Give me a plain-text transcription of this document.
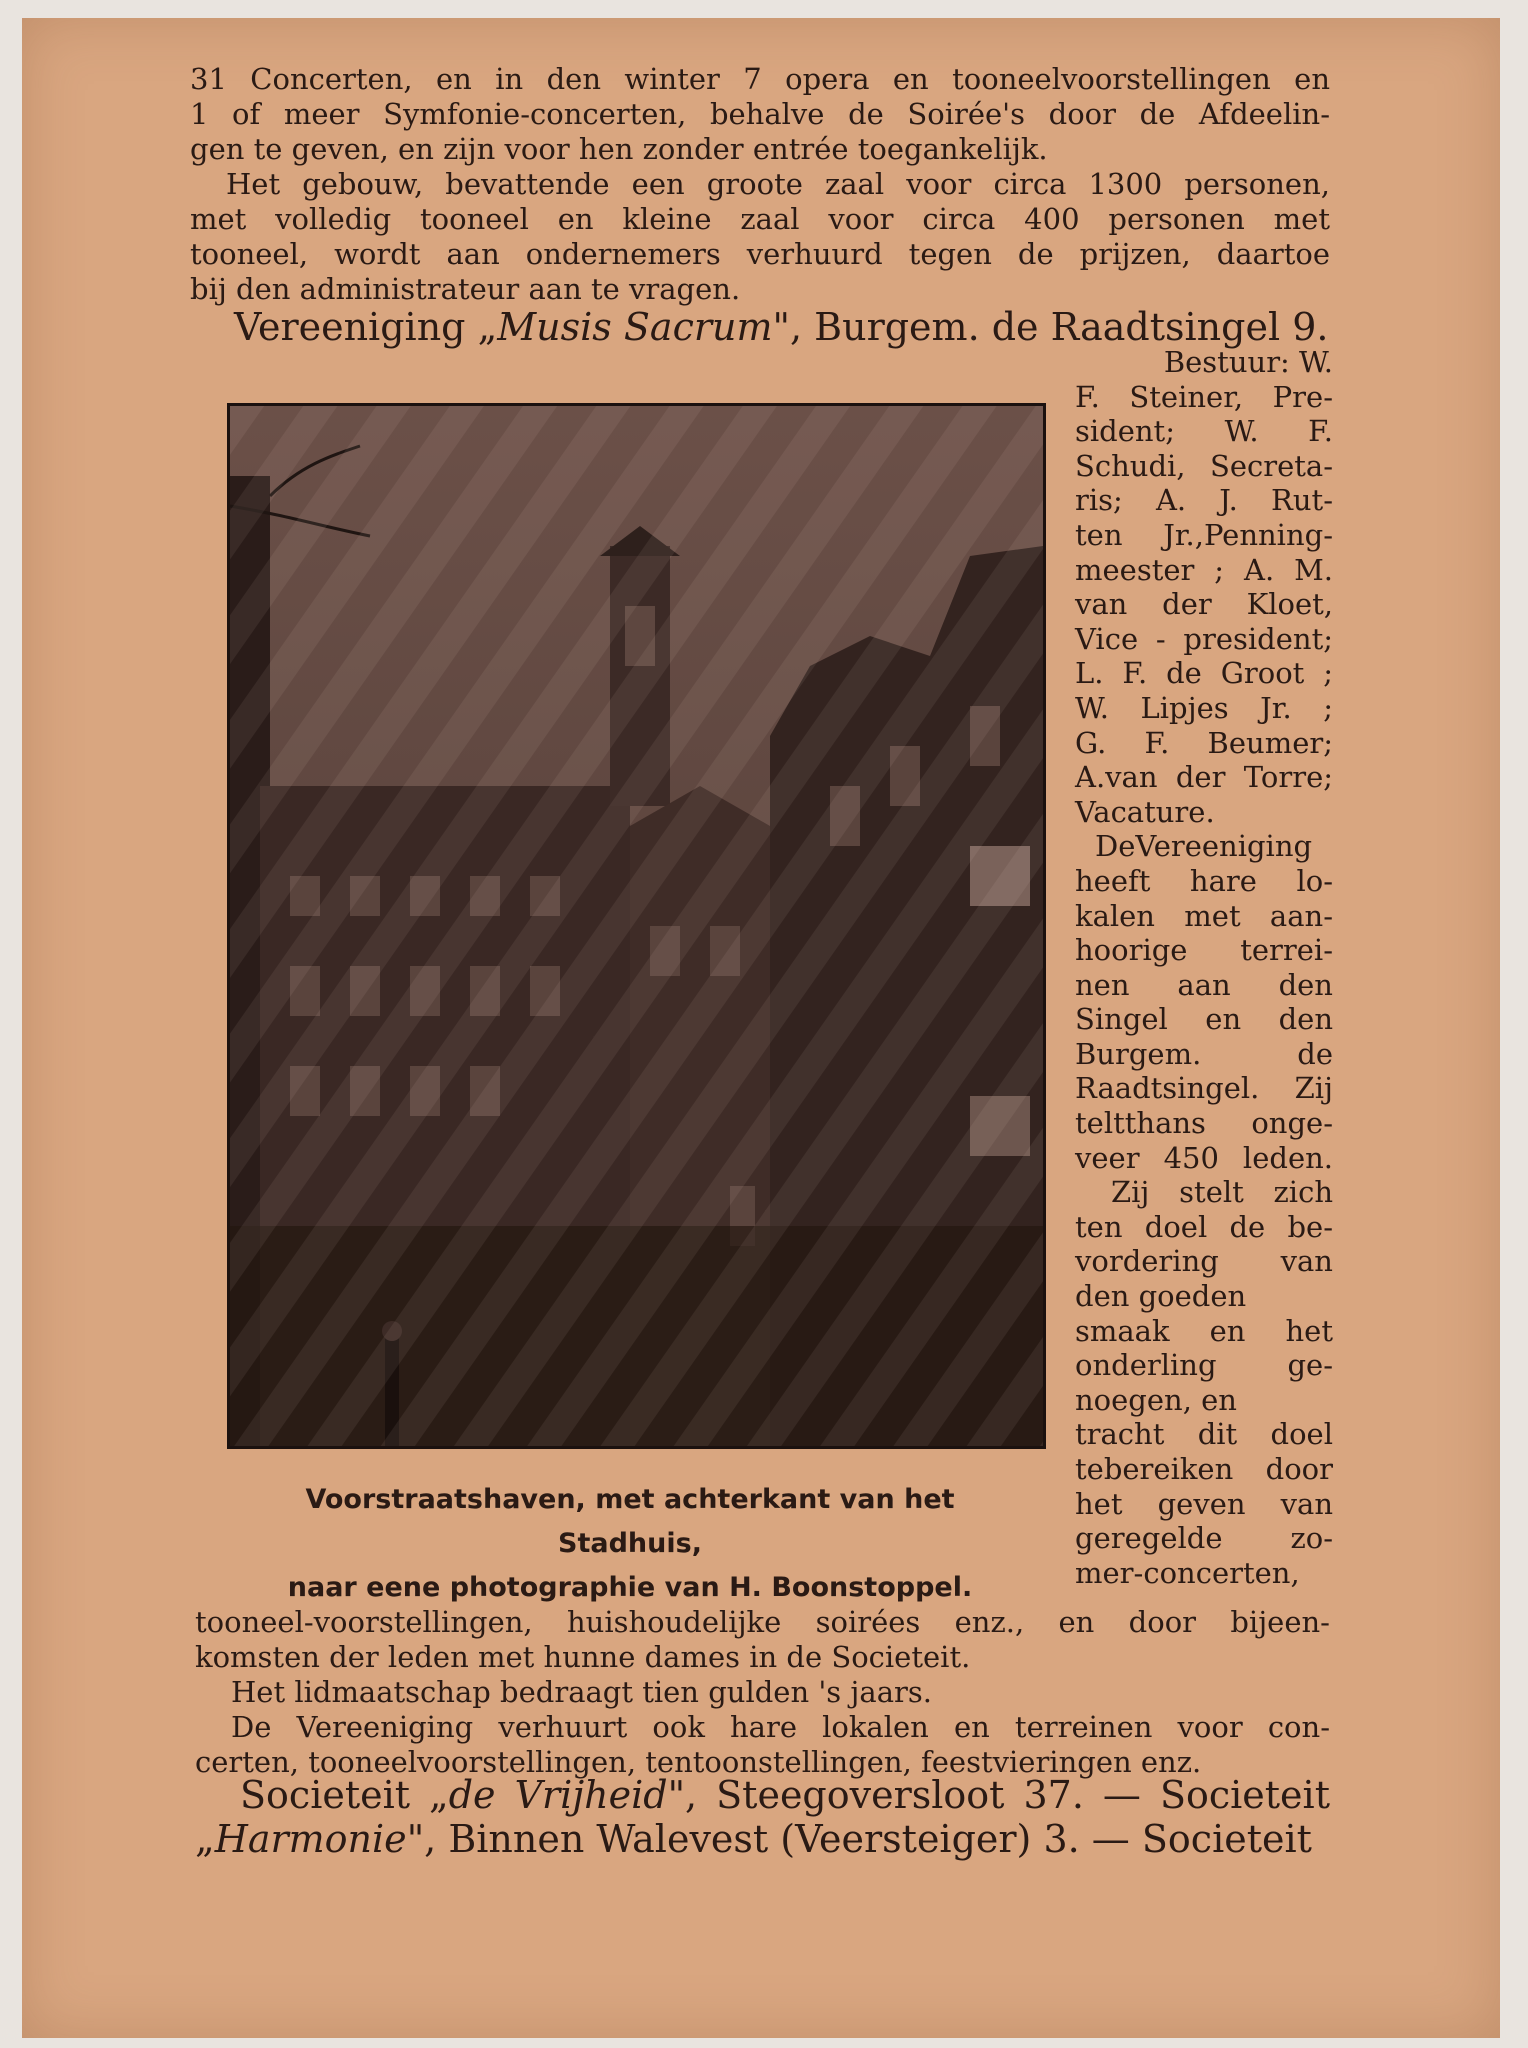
31 Concerten, en in den winter 7 opera en tooneelvoorstellingen en
1 of meer Symfonie-concerten, behalve de Soirée's door de Afdeelin-
gen te geven, en zijn voor hen zonder entrée toegankelijk.
Het gebouw, bevattende een groote zaal voor circa 1300 personen,
met volledig tooneel en kleine zaal voor circa 400 personen met
tooneel, wordt aan ondernemers verhuurd tegen de prijzen, daartoe
bij den administrateur aan te vragen.
Vereeniging „Musis Sacrum", Burgem. de Raadtsingel 9.
Voorstraatshaven, met achterkant van het Stadhuis,
naar eene photographie van H. Boonstoppel.
Bestuur: W.
F. Steiner, Pre-
sident; W. F.
Schudi, Secreta-
ris; A. J. Rut-
ten Jr.,Penning-
meester ; A. M.
van der Kloet,
Vice - president;
L. F. de Groot ;
W. Lipjes Jr. ;
G. F. Beumer;
A.van der Torre;
Vacature.
DeVereeniging
heeft hare lo-
kalen met aan-
hoorige terrei-
nen aan den
Singel en den
Burgem. de
Raadtsingel. Zij
teltthans onge-
veer 450 leden.
Zij stelt zich
ten doel de be-
vordering van
den goeden
smaak en het
onderling ge-
noegen, en
tracht dit doel
tebereiken door
het geven van
geregelde zo-
mer-concerten,
tooneel-voorstellingen, huishoudelijke soirées enz., en door bijeen-
komsten der leden met hunne dames in de Societeit.
Het lidmaatschap bedraagt tien gulden 's jaars.
De Vereeniging verhuurt ook hare lokalen en terreinen voor con-
certen, tooneelvoorstellingen, tentoonstellingen, feestvieringen enz.
Societeit „de Vrijheid", Steegoversloot 37. — Societeit
„Harmonie", Binnen Walevest (Veersteiger) 3. — Societeit
